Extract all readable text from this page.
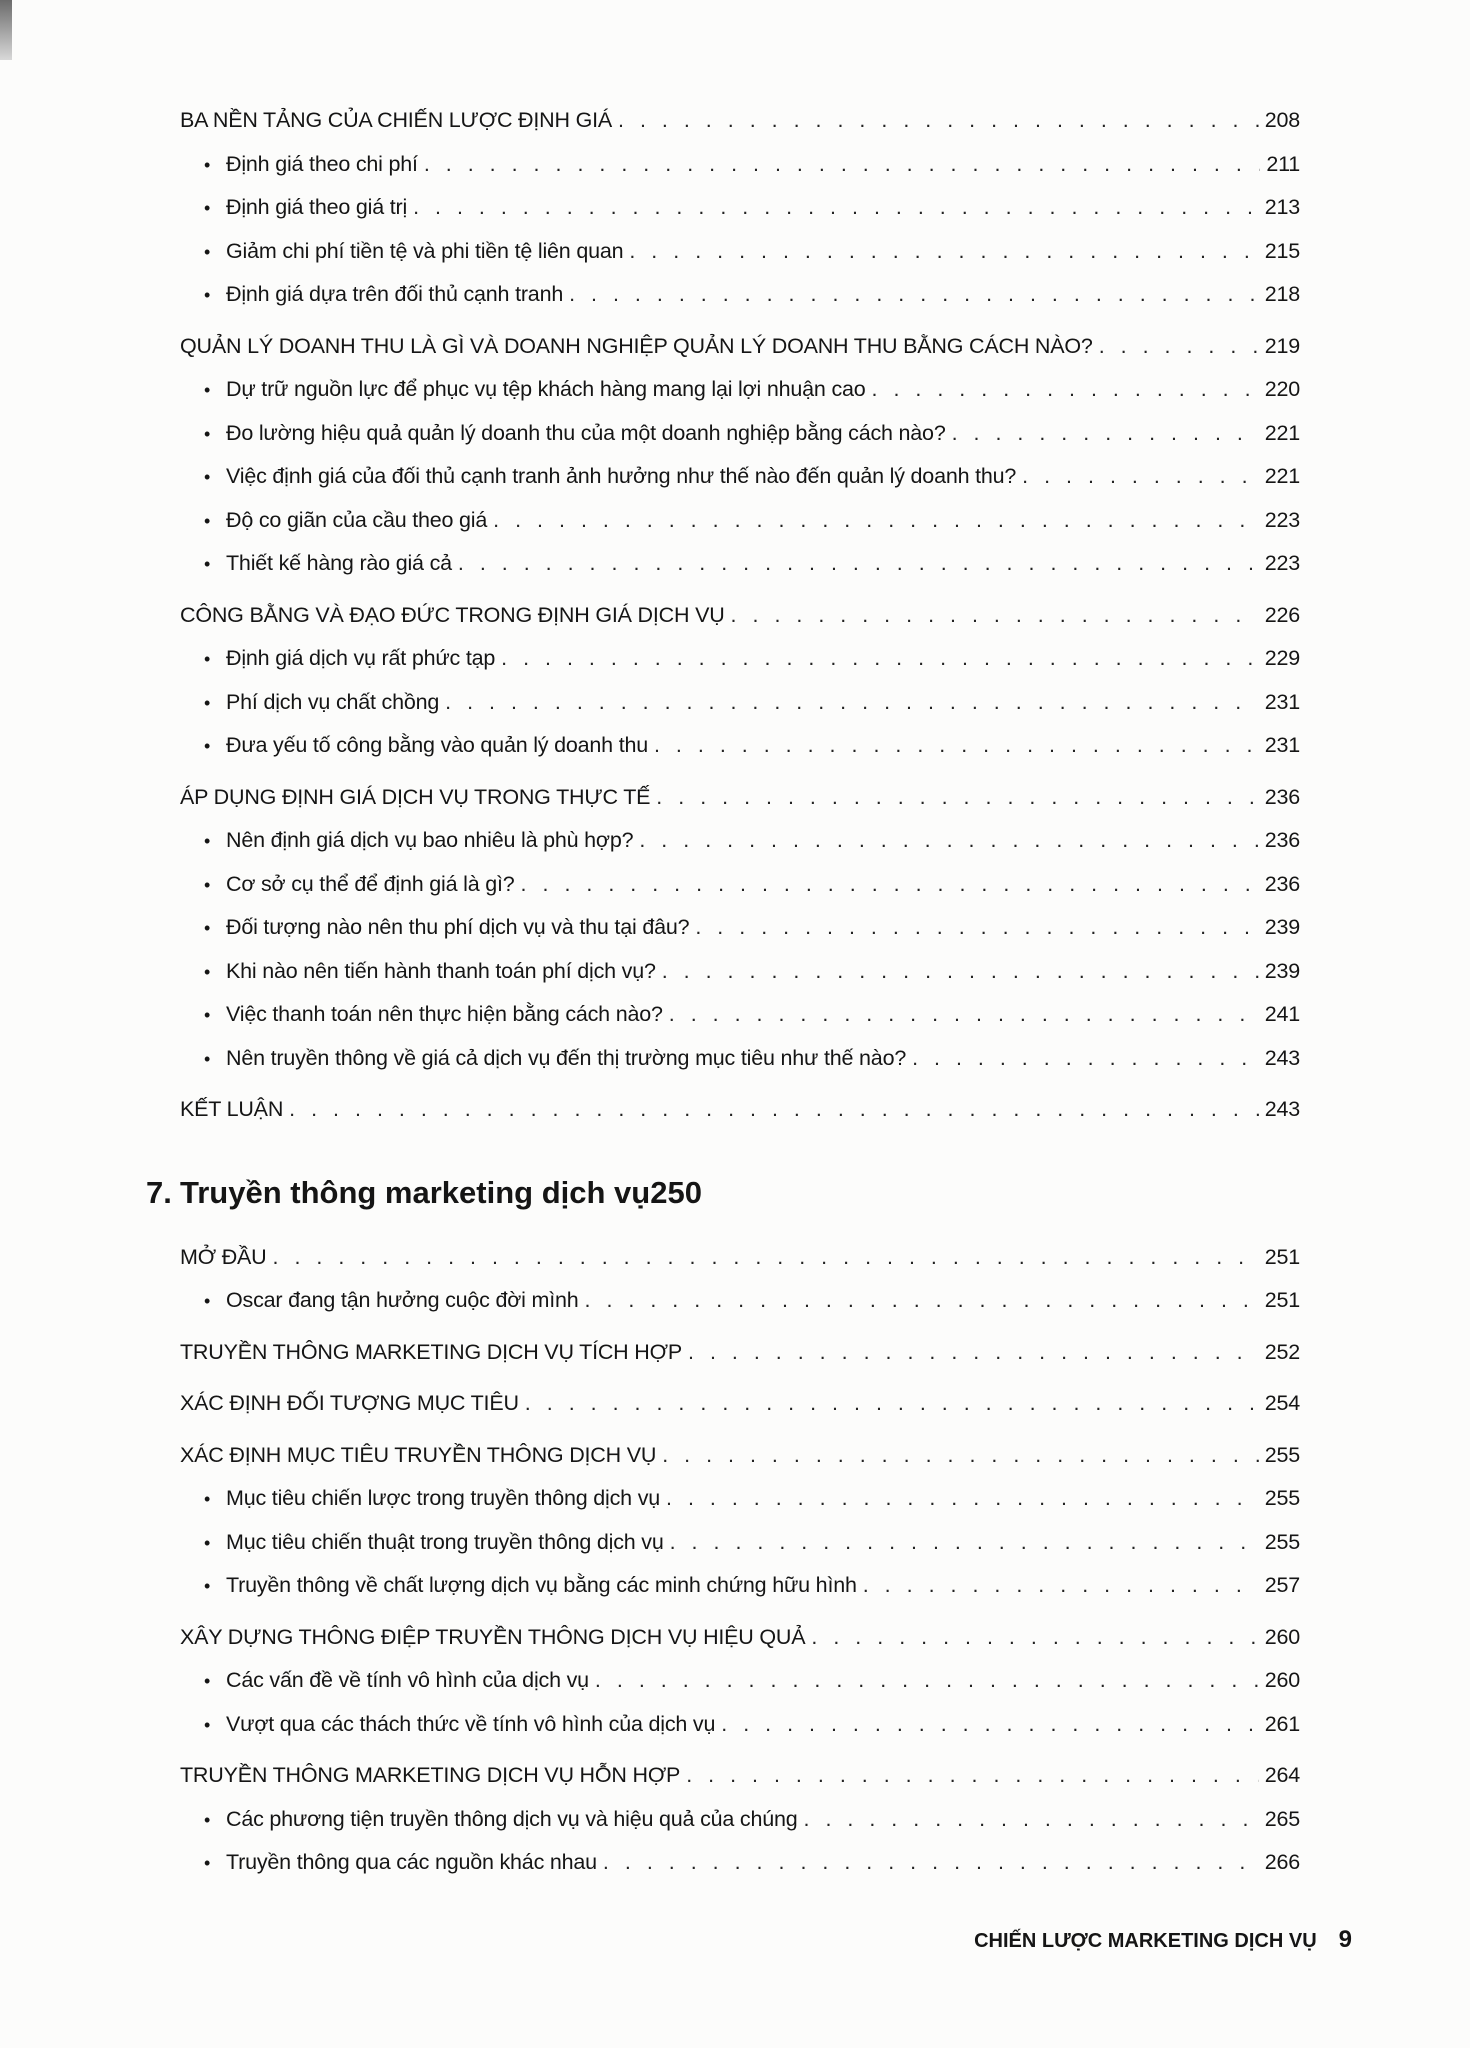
BA NỀN TẢNG CỦA CHIẾN LƯỢC ĐỊNH GIÁ . . .	208
• Định giá theo chi phí . . .	211
• Định giá theo giá trị . . .	213
• Giảm chi phí tiền tệ và phi tiền tệ liên quan . . .	215
• Định giá dựa trên đối thủ cạnh tranh . . .	218
QUẢN LÝ DOANH THU LÀ GÌ VÀ DOANH NGHIỆP QUẢN LÝ DOANH THU BẰNG CÁCH NÀO? . . .	219
• Dự trữ nguồn lực để phục vụ tệp khách hàng mang lại lợi nhuận cao . . .	220
• Đo lường hiệu quả quản lý doanh thu của một doanh nghiệp bằng cách nào? . . .	221
• Việc định giá của đối thủ cạnh tranh ảnh hưởng như thế nào đến quản lý doanh thu? . . .	221
• Độ co giãn của cầu theo giá . . .	223
• Thiết kế hàng rào giá cả . . .	223
CÔNG BẰNG VÀ ĐẠO ĐỨC TRONG ĐỊNH GIÁ DỊCH VỤ . . .	226
• Định giá dịch vụ rất phức tạp . . .	229
• Phí dịch vụ chất chồng . . .	231
• Đưa yếu tố công bằng vào quản lý doanh thu . . .	231
ÁP DỤNG ĐỊNH GIÁ DỊCH VỤ TRONG THỰC TẾ . . .	236
• Nên định giá dịch vụ bao nhiêu là phù hợp? . . .	236
• Cơ sở cụ thể để định giá là gì? . . .	236
• Đối tượng nào nên thu phí dịch vụ và thu tại đâu? . . .	239
• Khi nào nên tiến hành thanh toán phí dịch vụ? . . .	239
• Việc thanh toán nên thực hiện bằng cách nào? . . .	241
• Nên truyền thông về giá cả dịch vụ đến thị trường mục tiêu như thế nào? . . .	243
KẾT LUẬN . . .	243
7. Truyền thông marketing dịch vụ 250
MỞ ĐẦU . . .	251
• Oscar đang tận hưởng cuộc đời mình . . .	251
TRUYỀN THÔNG MARKETING DỊCH VỤ TÍCH HỢP . . .	252
XÁC ĐỊNH ĐỐI TƯỢNG MỤC TIÊU . . .	254
XÁC ĐỊNH MỤC TIÊU TRUYỀN THÔNG DỊCH VỤ . . .	255
• Mục tiêu chiến lược trong truyền thông dịch vụ . . .	255
• Mục tiêu chiến thuật trong truyền thông dịch vụ . . .	255
• Truyền thông về chất lượng dịch vụ bằng các minh chứng hữu hình . . .	257
XÂY DỰNG THÔNG ĐIỆP TRUYỀN THÔNG DỊCH VỤ HIỆU QUẢ . . .	260
• Các vấn đề về tính vô hình của dịch vụ . . .	260
• Vượt qua các thách thức về tính vô hình của dịch vụ . . .	261
TRUYỀN THÔNG MARKETING DỊCH VỤ HỖN HỢP . . .	264
• Các phương tiện truyền thông dịch vụ và hiệu quả của chúng . . .	265
• Truyền thông qua các nguồn khác nhau . . .	266
CHIẾN LƯỢC MARKETING DỊCH VỤ 9
